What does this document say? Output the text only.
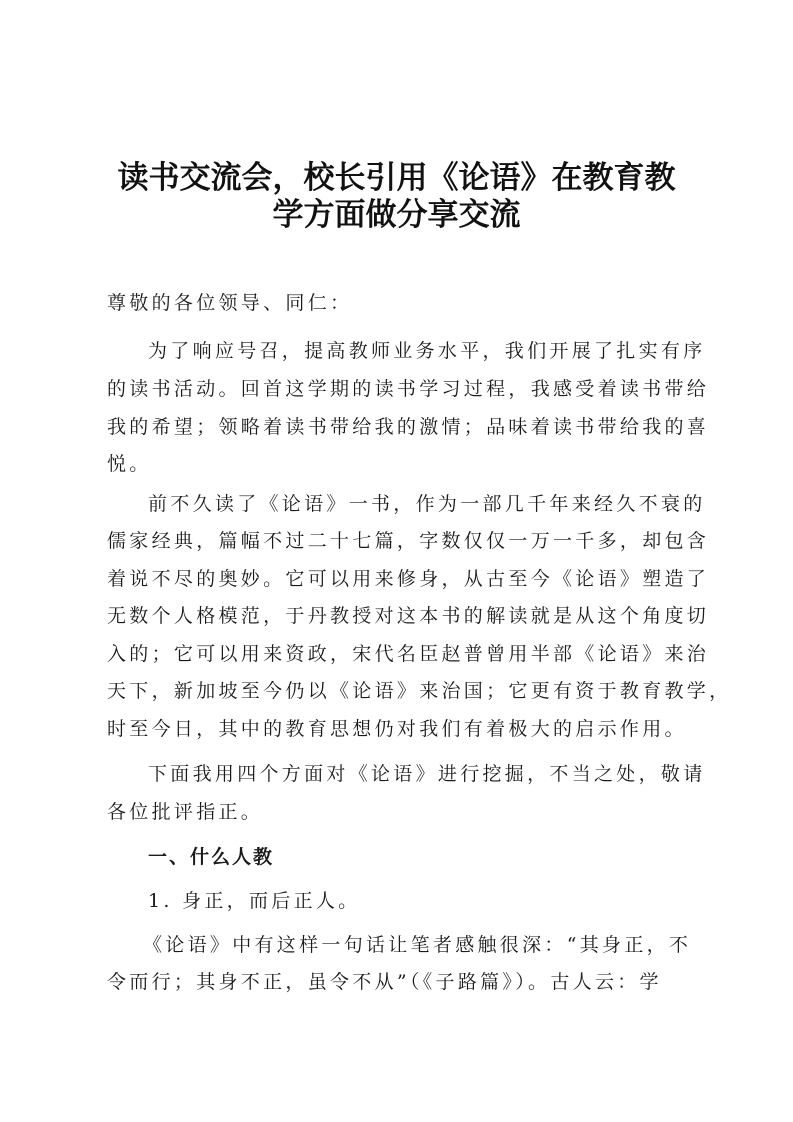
读书交流会，校长引用《论语》在教育教
学方面做分享交流
尊敬的各位领导、同仁：
为了响应号召，提高教师业务水平，我们开展了扎实有序
的读书活动。回首这学期的读书学习过程，我感受着读书带给
我的希望；领略着读书带给我的激情；品味着读书带给我的喜
悦。
前不久读了《论语》一书，作为一部几千年来经久不衰的
儒家经典，篇幅不过二十七篇，字数仅仅一万一千多，却包含
着说不尽的奥妙。它可以用来修身，从古至今《论语》塑造了
无数个人格模范，于丹教授对这本书的解读就是从这个角度切
入的；它可以用来资政，宋代名臣赵普曾用半部《论语》来治
天下，新加坡至今仍以《论语》来治国；它更有资于教育教学，
时至今日，其中的教育思想仍对我们有着极大的启示作用。
下面我用四个方面对《论语》进行挖掘，不当之处，敬请
各位批评指正。
一、什么人教
1. 身正，而后正人。
《论语》中有这样一句话让笔者感触很深：“其身正，不
令而行；其身不正，虽令不从”（《子路篇》）。古人云：学
